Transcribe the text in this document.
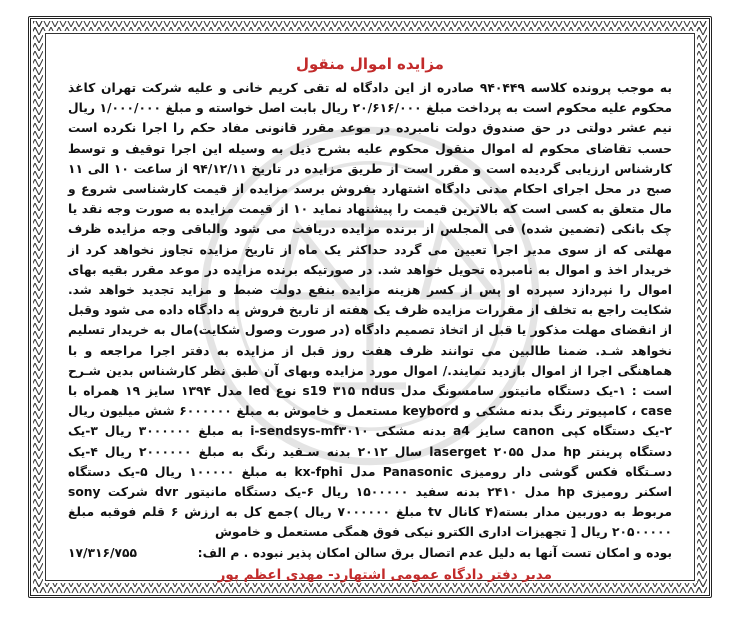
مزایده اموال منقول

به موجب پرونده کلاسه ۹۴۰۴۴۹ صادره از این دادگاه له تقی کریم خانی و علیه شرکت تهران کاغذ محکوم علیه محکوم است به پرداخت مبلغ ۲۰/۶۱۶/۰۰۰ ریال بابت اصل خواسته و مبلغ ۱/۰۰۰/۰۰۰ ریال نیم عشر دولتی در حق صندوق دولت نامبرده در موعد مقرر قانونی مفاد حکم را اجرا نکرده است حسب تقاضای محکوم له اموال منقول محکوم علیه بشرح ذیل به وسیله این اجرا توقیف و توسط کارشناس ارزیابی گردیده است و مقرر است از طریق مزایده در تاریخ ۹۴/۱۲/۱۱ از ساعت ۱۰ الی ۱۱ صبح در محل اجرای احکام مدنی دادگاه اشتهارد بفروش برسد مزایده از قیمت کارشناسی شروع و مال متعلق به کسی است که بالاترین قیمت را پیشنهاد نماید ۱۰ از قیمت مزایده به صورت وجه نقد یا چک بانکی (تضمین شده) فی المجلس از برنده مزایده دریافت می شود والباقی وجه مزایده ظرف مهلتی که از سوی مدیر اجرا تعیین می گردد حداکثر یک ماه از تاریخ مزایده تجاوز نخواهد کرد از خریدار اخذ و اموال به نامبرده تحویل خواهد شد. در صورتیکه برنده مزایده در موعد مقرر بقیه بهای اموال را نپردازد سپرده او پس از کسر هزینه مزایده بنفع دولت ضبط و مزاید تجدید خواهد شد. شکایت راجع به تخلف از مقررات مزایده ظرف یک هفته از تاریخ فروش به دادگاه داده می شود وقبل از انقضای مهلت مذکور یا قبل از اتخاذ تصمیم دادگاه (در صورت وصول شکایت)مال به خریدار تسلیم نخواهد شـد. ضمنا طالبین می توانند ظرف هفت روز قبل از مزایده به دفتر اجرا مراجعه و با هماهنگی اجرا از اموال بازدید نمایند./ اموال مورد مزایده وبهای آن طبق نظر کارشناس بدین شـرح است : ۱-یک دستگاه مانیتور سامسونگ مدل s19 ۳۱۵ ndus نوع led مدل ۱۳۹۴ سایز ۱۹ همراه با case ، کامپیوتر رنگ بدنه مشکی و keybord مستعمل و خاموش به مبلغ ۶۰۰۰۰۰۰ شش میلیون ریال ۲-یک دستگاه کپی canon سایز a4 بدنه مشکی i-sendsys-mf۳۰۱۰ به مبلغ ۳۰۰۰۰۰۰ ریال ۳-یک دستگاه پرینتر hp مدل laserget ۲۰۵۵ سال ۲۰۱۲ بدنه سـفید رنگ به مبلغ ۲۰۰۰۰۰۰ ریال ۴-یک دسـتگاه فکس گوشی دار رومیزی Panasonic مدل kx-fphi به مبلغ ۱۰۰۰۰۰ ریال ۵-یک دستگاه اسکنر رومیزی hp مدل ۲۴۱۰ بدنه سفید ۱۵۰۰۰۰۰ ریال ۶-یک دستگاه مانیتور dvr شرکت sony مربوط به دوربین مدار بسته(۴ کانال tv مبلغ ۷۰۰۰۰۰۰ ریال )جمع کل به ارزش ۶ قلم فوقبه مبلغ ۲۰۵۰۰۰۰۰ ریال [ تجهیزات اداری الکترو نیکی فوق همگی مستعمل و خاموش

بوده و امکان تست آنها به دلیل عدم اتصال برق سالن امکان پذیر نبوده . م الف:
۱۷/۳۱۶/۷۵۵
مدیر دفتر دادگاه عمومی اشتهارد- مهدی اعظم پور
